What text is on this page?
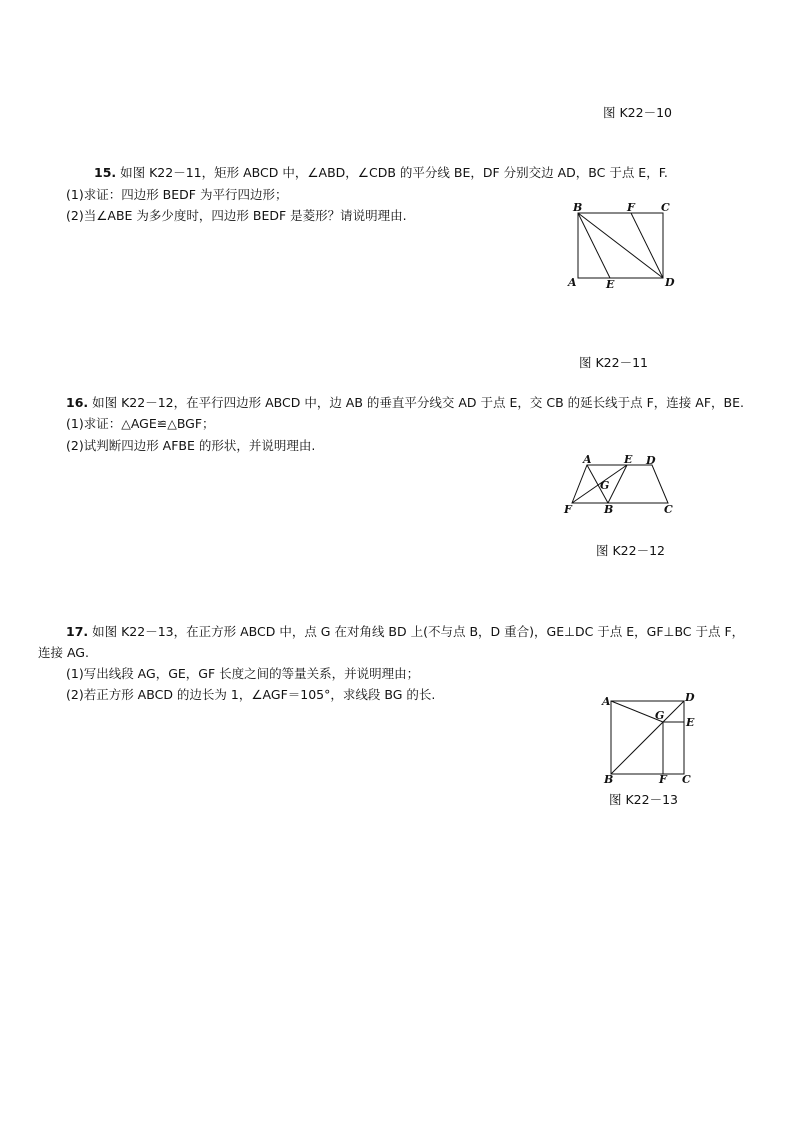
图 K22－10
15. 如图 K22－11，矩形 ABCD 中，∠ABD，∠CDB 的平分线 BE，DF 分别交边 AD，BC 于点 E，F.
(1)求证：四边形 BEDF 为平行四边形；
(2)当∠ABE 为多少度时，四边形 BEDF 是菱形？请说明理由.
B	F C
A	E	D
图 K22－11
16. 如图 K22－12，在平行四边形 ABCD 中，边 AB 的垂直平分线交 AD 于点 E，交 CB 的延长线于点 F，连接 AF，BE.
(1)求证：△AGE≌△BGF；
(2)试判断四边形 AFBE 的形状，并说明理由.
A	E D
G
F	B	C
图 K22－12
17. 如图 K22－13，在正方形 ABCD 中，点 G 在对角线 BD 上(不与点 B，D 重合)，GE⊥DC 于点 E，GF⊥BC 于点 F，
连接 AG.
(1)写出线段 AG，GE，GF 长度之间的等量关系，并说明理由；
(2)若正方形 ABCD 的边长为 1，∠AGF＝105°，求线段 BG 的长.	A	D
G
E
B	F C
图 K22－13
